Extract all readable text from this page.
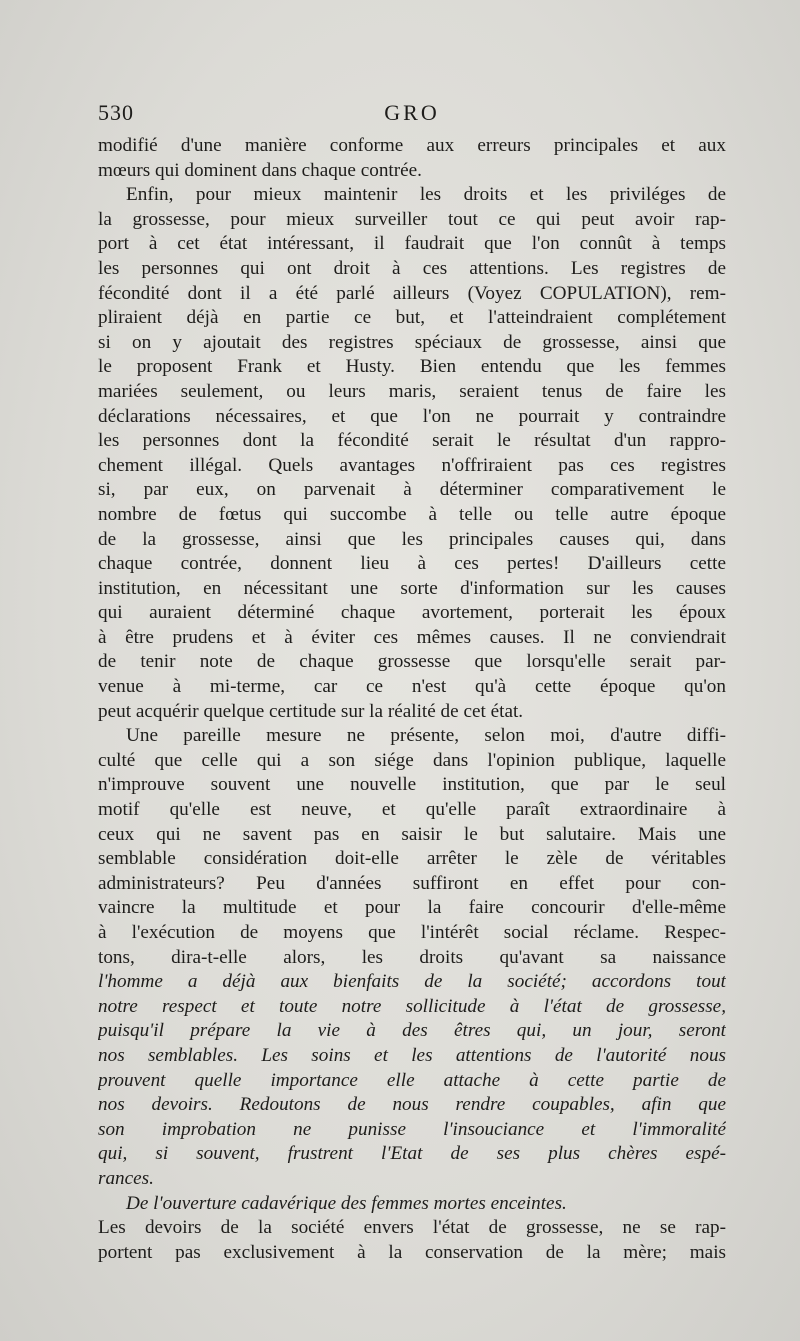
530	GRO
modifié d'une manière conforme aux erreurs principales et aux
mœurs qui dominent dans chaque contrée.
Enfin, pour mieux maintenir les droits et les priviléges de
la grossesse, pour mieux surveiller tout ce qui peut avoir rap-
port à cet état intéressant, il faudrait que l'on connût à temps
les personnes qui ont droit à ces attentions. Les registres de
fécondité dont il a été parlé ailleurs (Voyez COPULATION), rem-
pliraient déjà en partie ce but, et l'atteindraient complétement
si on y ajoutait des registres spéciaux de grossesse, ainsi que
le proposent Frank et Husty. Bien entendu que les femmes
mariées seulement, ou leurs maris, seraient tenus de faire les
déclarations nécessaires, et que l'on ne pourrait y contraindre
les personnes dont la fécondité serait le résultat d'un rappro-
chement illégal. Quels avantages n'offriraient pas ces registres
si, par eux, on parvenait à déterminer comparativement le
nombre de fœtus qui succombe à telle ou telle autre époque
de la grossesse, ainsi que les principales causes qui, dans
chaque contrée, donnent lieu à ces pertes! D'ailleurs cette
institution, en nécessitant une sorte d'information sur les causes
qui auraient déterminé chaque avortement, porterait les époux
à être prudens et à éviter ces mêmes causes. Il ne conviendrait
de tenir note de chaque grossesse que lorsqu'elle serait par-
venue à mi-terme, car ce n'est qu'à cette époque qu'on
peut acquérir quelque certitude sur la réalité de cet état.
Une pareille mesure ne présente, selon moi, d'autre diffi-
culté que celle qui a son siége dans l'opinion publique, laquelle
n'improuve souvent une nouvelle institution, que par le seul
motif qu'elle est neuve, et qu'elle paraît extraordinaire à
ceux qui ne savent pas en saisir le but salutaire. Mais une
semblable considération doit-elle arrêter le zèle de véritables
administrateurs? Peu d'années suffiront en effet pour con-
vaincre la multitude et pour la faire concourir d'elle-même
à l'exécution de moyens que l'intérêt social réclame. Respec-
tons, dira-t-elle alors, les droits qu'avant sa naissance
l'homme a déjà aux bienfaits de la société; accordons tout
notre respect et toute notre sollicitude à l'état de grossesse,
puisqu'il prépare la vie à des êtres qui, un jour, seront
nos semblables. Les soins et les attentions de l'autorité nous
prouvent quelle importance elle attache à cette partie de
nos devoirs. Redoutons de nous rendre coupables, afin que
son improbation ne punisse l'insouciance et l'immoralité
qui, si souvent, frustrent l'Etat de ses plus chères espé-
rances.
De l'ouverture cadavérique des femmes mortes enceintes.
Les devoirs de la société envers l'état de grossesse, ne se rap-
portent pas exclusivement à la conservation de la mère; mais
